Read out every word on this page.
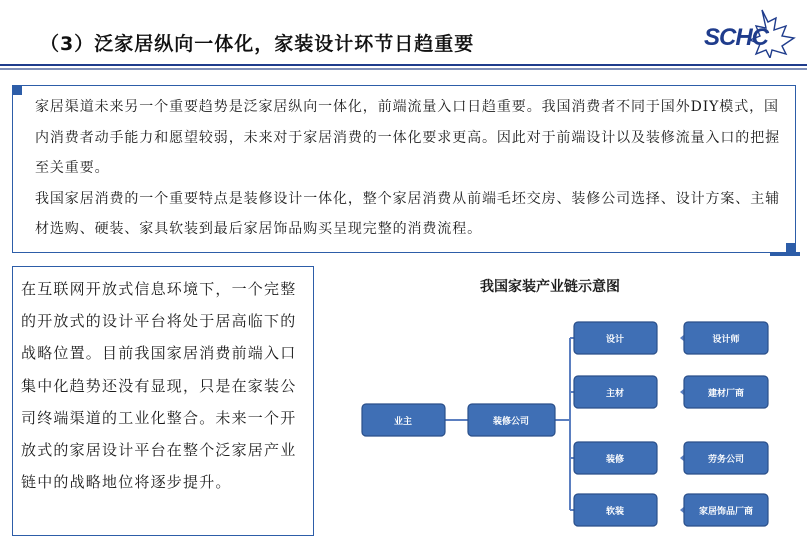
（3）泛家居纵向一体化，家装设计环节日趋重要	SCHC

家居渠道未来另一个重要趋势是泛家居纵向一体化，前端流量入口日趋重要。我国消费者不同于国外DIY模式，国内消费者动手能力和愿望较弱，未来对于家居消费的一体化要求更高。因此对于前端设计以及装修流量入口的把握至关重要。

我国家居消费的一个重要特点是装修设计一体化，整个家居消费从前端毛坯交房、装修公司选择、设计方案、主辅材选购、硬装、家具软装到最后家居饰品购买呈现完整的消费流程。

在互联网开放式信息环境下，一个完整的开放式的设计平台将处于居高临下的战略位置。目前我国家居消费前端入口集中化趋势还没有显现，只是在家装公司终端渠道的工业化整合。未来一个开放式的家居设计平台在整个泛家居产业链中的战略地位将逐步提升。
我国家装产业链示意图
业主	装修公司
设计
主材
装修
软装
设计师
建材厂商
劳务公司
家居饰品厂商
